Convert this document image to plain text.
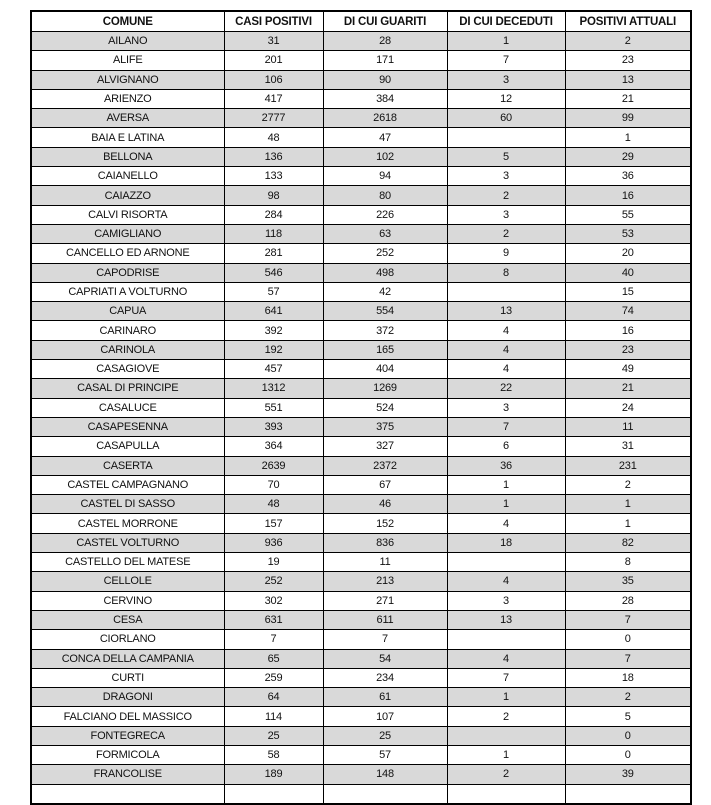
COMUNE	CASI POSITIVI	DI CUI GUARITI	DI CUI DECEDUTI	POSITIVI ATTUALI
AILANO	31	28	1	2
ALIFE	201	171	7	23
ALVIGNANO	106	90	3	13
ARIENZO	417	384	12	21
AVERSA	2777	2618	60	99
BAIA E LATINA	48	47		1
BELLONA	136	102	5	29
CAIANELLO	133	94	3	36
CAIAZZO	98	80	2	16
CALVI RISORTA	284	226	3	55
CAMIGLIANO	118	63	2	53
CANCELLO ED ARNONE	281	252	9	20
CAPODRISE	546	498	8	40
CAPRIATI A VOLTURNO	57	42		15
CAPUA	641	554	13	74
CARINARO	392	372	4	16
CARINOLA	192	165	4	23
CASAGIOVE	457	404	4	49
CASAL DI PRINCIPE	1312	1269	22	21
CASALUCE	551	524	3	24
CASAPESENNA	393	375	7	11
CASAPULLA	364	327	6	31
CASERTA	2639	2372	36	231
CASTEL CAMPAGNANO	70	67	1	2
CASTEL DI SASSO	48	46	1	1
CASTEL MORRONE	157	152	4	1
CASTEL VOLTURNO	936	836	18	82
CASTELLO DEL MATESE	19	11		8
CELLOLE	252	213	4	35
CERVINO	302	271	3	28
CESA	631	611	13	7
CIORLANO	7	7		0
CONCA DELLA CAMPANIA	65	54	4	7
CURTI	259	234	7	18
DRAGONI	64	61	1	2
FALCIANO DEL MASSICO	114	107	2	5
FONTEGRECA	25	25		0
FORMICOLA	58	57	1	0
FRANCOLISE	189	148	2	39
